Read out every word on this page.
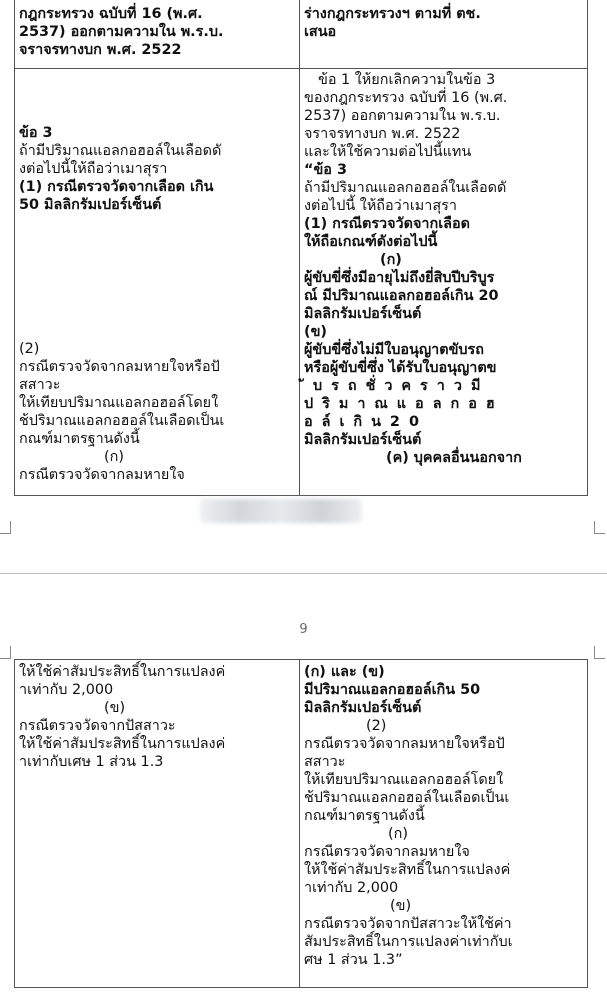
กฎกระทรวง ฉบับที่ 16 (พ.ศ.
2537) ออกตามความใน พ.ร.บ.
จราจรทางบก พ.ศ. 2522
ร่างกฎกระทรวงฯ ตามที่ ตช.
เสนอ
ข้อ 3
ถ้ามีปริมาณแอลกอฮอล์ในเลือดดั
งต่อไปนี้ให้ถือว่าเมาสุรา
(1) กรณีตรวจวัดจากเลือด เกิน
50 มิลลิกรัมเปอร์เซ็นต์
(2)
กรณีตรวจวัดจากลมหายใจหรือปั
สสาวะ
ให้เทียบปริมาณแอลกอฮอล์โดยใ
ช้ปริมาณแอลกอฮอล์ในเลือดเป็นเ
กณฑ์มาตรฐานดังนี้
(ก)
กรณีตรวจวัดจากลมหายใจ
ข้อ 1 ให้ยกเลิกความในข้อ 3
ของกฎกระทรวง ฉบับที่ 16 (พ.ศ.
2537) ออกตามความใน พ.ร.บ.
จราจรทางบก พ.ศ. 2522
และให้ใช้ความต่อไปนี้แทน
“ข้อ 3
ถ้ามีปริมาณแอลกอฮอล์ในเลือดดั
งต่อไปนี้ ให้ถือว่าเมาสุรา
(1) กรณีตรวจวัดจากเลือด
ให้ถือเกณฑ์ดังต่อไปนี้
(ก)
ผู้ขับขี่ซึ่งมีอายุไม่ถึงยี่สิบปีบริบูร
ณ์ มีปริมาณแอลกอฮอล์เกิน 20
มิลลิกรัมเปอร์เซ็นต์
(ข)
ผู้ขับขี่ซึ่งไม่มีใบอนุญาตขับรถ
หรือผู้ขับขี่ซึ่ง ได้รับใบอนุญาตข
ับรถชั่วคราวมี
ปริมาณแอลกอฮ
อล์เกิน20
มิลลิกรัมเปอร์เซ็นต์
(ค) บุคคลอื่นนอกจาก
9
ให้ใช้ค่าสัมประสิทธิ์ในการแปลงค่
าเท่ากับ 2,000
(ข)
กรณีตรวจวัดจากปัสสาวะ
ให้ใช้ค่าสัมประสิทธิ์ในการแปลงค่
าเท่ากับเศษ 1 ส่วน 1.3
(ก) และ (ข)
มีปริมาณแอลกอฮอล์เกิน 50
มิลลิกรัมเปอร์เซ็นต์
(2)
กรณีตรวจวัดจากลมหายใจหรือปั
สสาวะ
ให้เทียบปริมาณแอลกอฮอล์โดยใ
ช้ปริมาณแอลกอฮอล์ในเลือดเป็นเ
กณฑ์มาตรฐานดังนี้
(ก)
กรณีตรวจวัดจากลมหายใจ
ให้ใช้ค่าสัมประสิทธิ์ในการแปลงค่
าเท่ากับ 2,000
(ข)
กรณีตรวจวัดจากปัสสาวะให้ใช้ค่า
สัมประสิทธิ์ในการแปลงค่าเท่ากับเ
ศษ 1 ส่วน 1.3”
